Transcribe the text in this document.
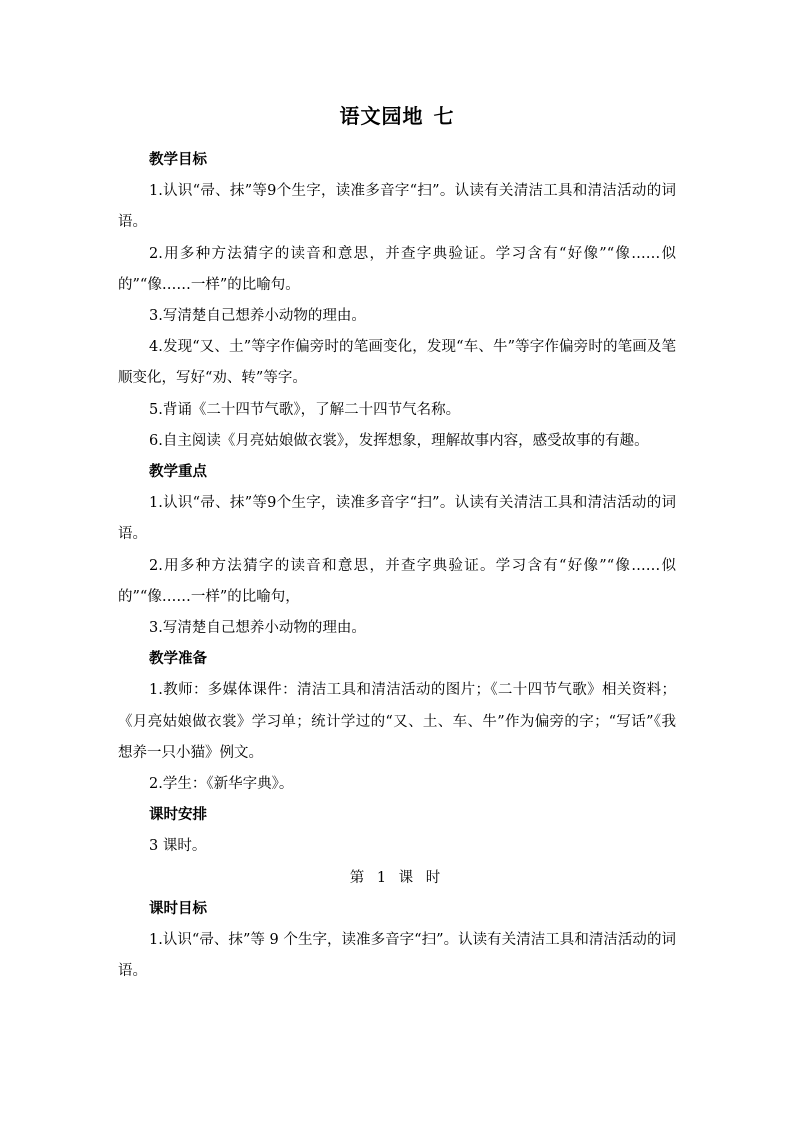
语文园地 七
教学目标

1.认识“帚、抹”等9个生字，读准多音字“扫”。认读有关清洁工具和清洁活动的词语。

2.用多种方法猜字的读音和意思，并查字典验证。学习含有“好像”“像……似的”“像……一样”的比喻句。

3.写清楚自己想养小动物的理由。

4.发现“又、土”等字作偏旁时的笔画变化，发现“车、牛”等字作偏旁时的笔画及笔顺变化，写好“劝、转”等字。

5.背诵《二十四节气歌》，了解二十四节气名称。

6.自主阅读《月亮姑娘做衣裳》，发挥想象，理解故事内容，感受故事的有趣。

教学重点

1.认识“帚、抹”等9个生字，读准多音字“扫”。认读有关清洁工具和清洁活动的词语。

2.用多种方法猜字的读音和意思，并查字典验证。学习含有“好像”“像……似的”“像……一样”的比喻句，

3.写清楚自己想养小动物的理由。

教学准备

1.教师：多媒体课件：清洁工具和清洁活动的图片；《二十四节气歌》相关资料；《月亮姑娘做衣裳》学习单；统计学过的“又、土、车、牛”作为偏旁的字；“写话”《我想养一只小猫》例文。

2.学生：《新华字典》。

课时安排

3 课时。

第 1 课 时
课时目标

1.认识“帚、抹”等 9 个生字，读准多音字“扫”。认读有关清洁工具和清洁活动的词语。
